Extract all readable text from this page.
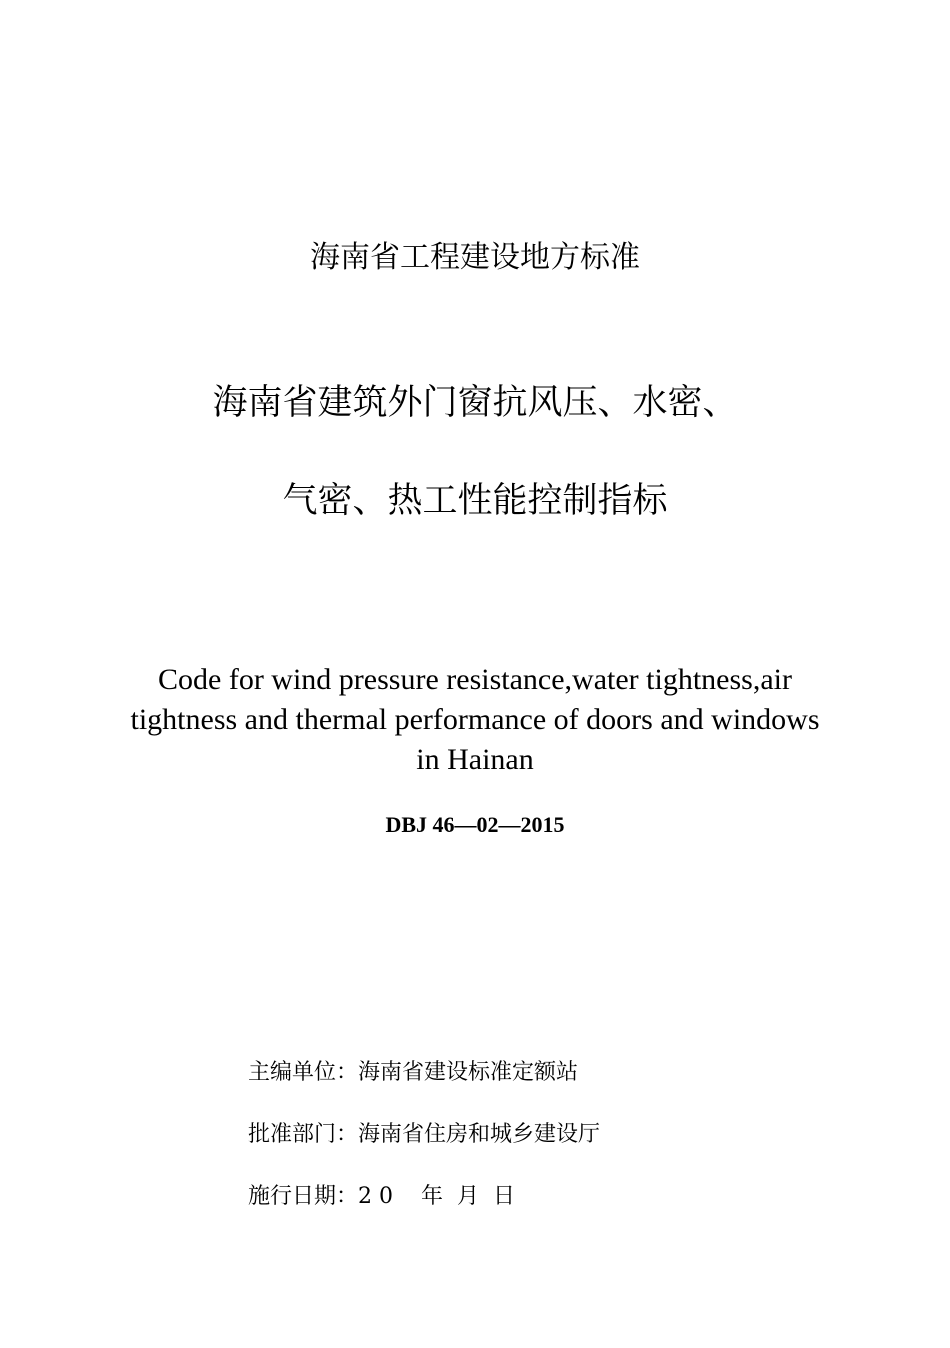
海南省工程建设地方标准
海南省建筑外门窗抗风压、水密、
气密、热工性能控制指标
Code for wind pressure resistance,water tightness,air
tightness and thermal performance of doors and windows
in Hainan
DBJ 46—02—2015
主编单位：海南省建设标准定额站
批准部门：海南省住房和城乡建设厅
施行日期：2 0    年  月  日
